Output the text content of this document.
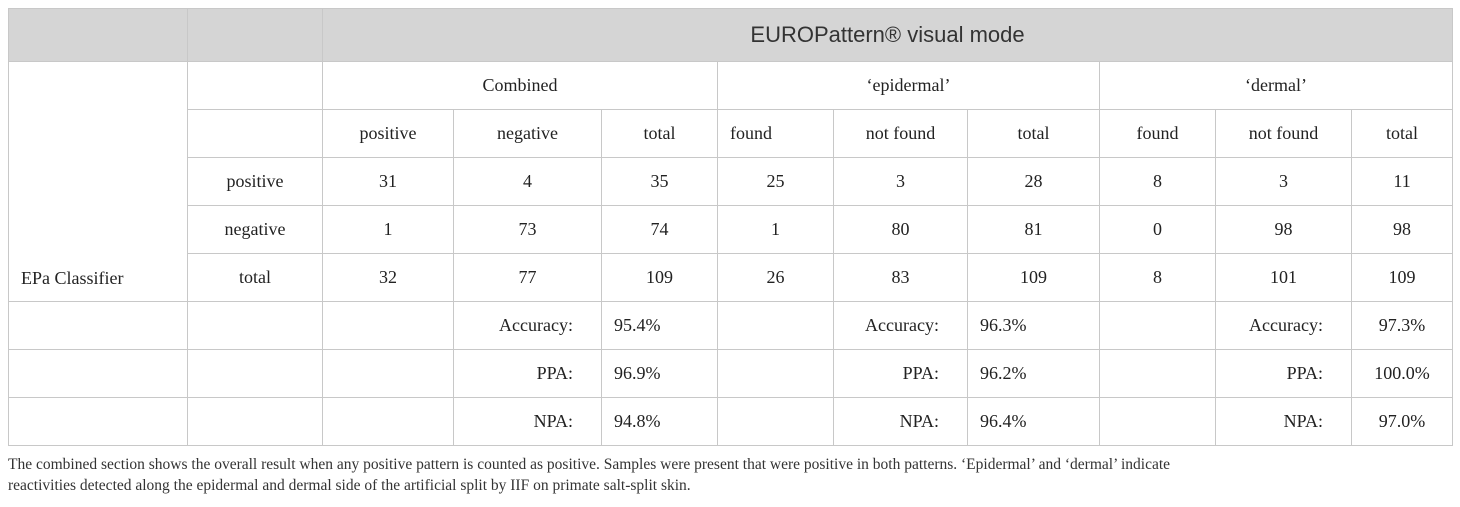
		EUROPattern® visual mode								
EPa Classifier		Combined			‘epidermal’			‘dermal’		
		positive	negative	total	found	not found	total	found	not found	total
	positive	31	4	35	25	3	28	8	3	11
	negative	1	73	74	1	80	81	0	98	98
	total	32	77	109	26	83	109	8	101	109
			Accuracy:	95.4%		Accuracy:	96.3%		Accuracy:	97.3%
			PPA:	96.9%		PPA:	96.2%		PPA:	100.0%
			NPA:	94.8%		NPA:	96.4%		NPA:	97.0%
The combined section shows the overall result when any positive pattern is counted as positive. Samples were present that were positive in both patterns. ‘Epidermal’ and ‘dermal’ indicate
reactivities detected along the epidermal and dermal side of the artificial split by IIF on primate salt-split skin.
